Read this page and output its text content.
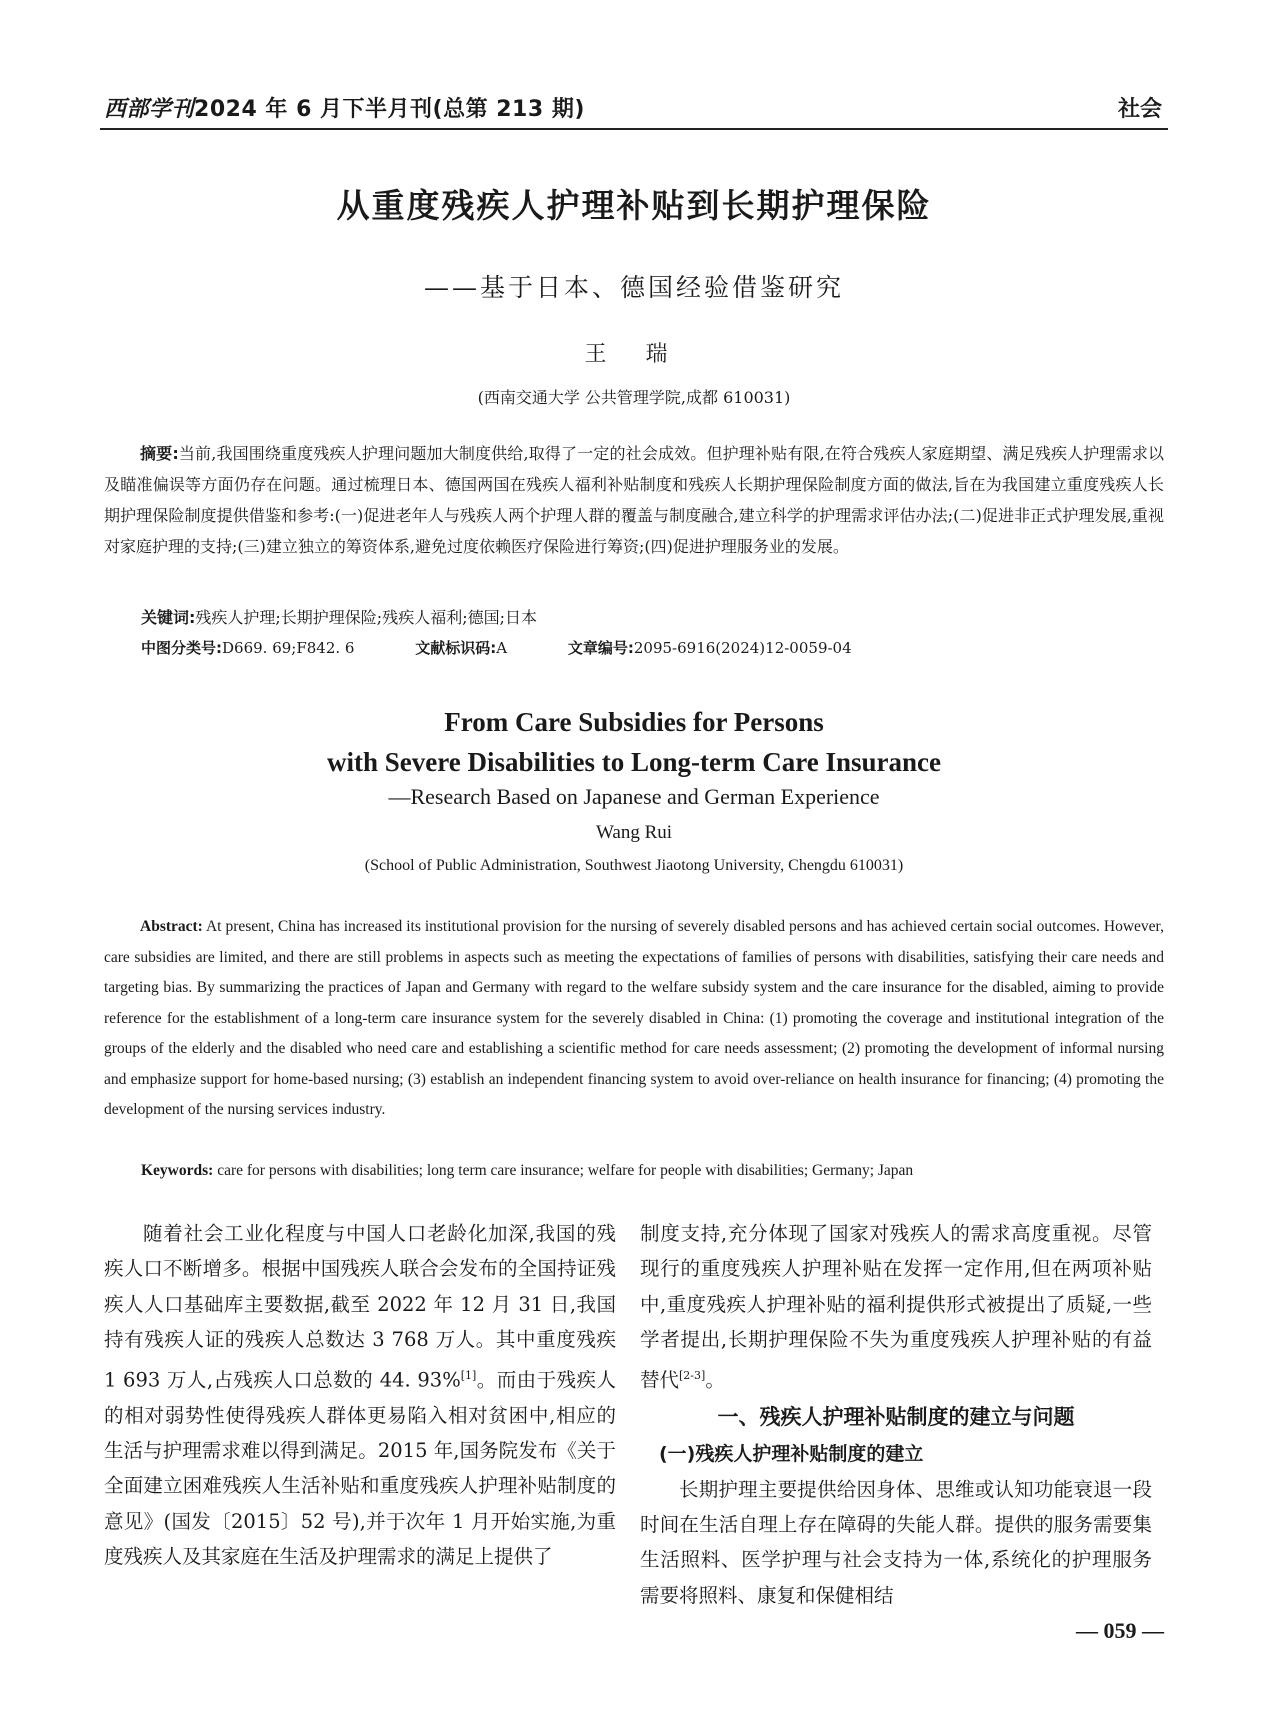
西部学刊2024 年 6 月下半月刊(总第 213 期)	社会
从重度残疾人护理补贴到长期护理保险
——基于日本、德国经验借鉴研究
王 瑞
(西南交通大学 公共管理学院,成都 610031)
摘要:当前,我国围绕重度残疾人护理问题加大制度供给,取得了一定的社会成效。但护理补贴有限,在符合残疾人家庭期望、满足残疾人护理需求以及瞄准偏误等方面仍存在问题。通过梳理日本、德国两国在残疾人福利补贴制度和残疾人长期护理保险制度方面的做法,旨在为我国建立重度残疾人长期护理保险制度提供借鉴和参考:(一)促进老年人与残疾人两个护理人群的覆盖与制度融合,建立科学的护理需求评估办法;(二)促进非正式护理发展,重视对家庭护理的支持;(三)建立独立的筹资体系,避免过度依赖医疗保险进行筹资;(四)促进护理服务业的发展。
关键词:残疾人护理;长期护理保险;残疾人福利;德国;日本
中图分类号:D669. 69;F842. 6	文献标识码:A	文章编号:2095-6916(2024)12-0059-04
From Care Subsidies for Persons
with Severe Disabilities to Long-term Care Insurance
—Research Based on Japanese and German Experience
Wang Rui
(School of Public Administration, Southwest Jiaotong University, Chengdu 610031)
Abstract: At present, China has increased its institutional provision for the nursing of severely disabled persons and has achieved certain social outcomes. However, care subsidies are limited, and there are still problems in aspects such as meeting the expectations of families of persons with disabilities, satisfying their care needs and targeting bias. By summarizing the practices of Japan and Germany with regard to the welfare subsidy system and the care insurance for the disabled, aiming to provide reference for the establishment of a long-term care insurance system for the severely disabled in China: (1) promoting the coverage and institutional integration of the groups of the elderly and the disabled who need care and establishing a scientific method for care needs assessment; (2) promoting the development of informal nursing and emphasize support for home-based nursing; (3) establish an independent financing system to avoid over-reliance on health insurance for financing; (4) promoting the development of the nursing services industry.
Keywords: care for persons with disabilities; long term care insurance; welfare for people with disabilities; Germany; Japan
随着社会工业化程度与中国人口老龄化加深,我国的残疾人口不断增多。根据中国残疾人联合会发布的全国持证残疾人人口基础库主要数据,截至 2022 年 12 月 31 日,我国持有残疾人证的残疾人总数达 3 768 万人。其中重度残疾 1 693 万人,占残疾人口总数的 44. 93%[1]。而由于残疾人的相对弱势性使得残疾人群体更易陷入相对贫困中,相应的生活与护理需求难以得到满足。2015 年,国务院发布《关于全面建立困难残疾人生活补贴和重度残疾人护理补贴制度的意见》(国发〔2015〕52 号),并于次年 1 月开始实施,为重度残疾人及其家庭在生活及护理需求的满足上提供了
制度支持,充分体现了国家对残疾人的需求高度重视。尽管现行的重度残疾人护理补贴在发挥一定作用,但在两项补贴中,重度残疾人护理补贴的福利提供形式被提出了质疑,一些学者提出,长期护理保险不失为重度残疾人护理补贴的有益替代[2-3]。
一、残疾人护理补贴制度的建立与问题
(一)残疾人护理补贴制度的建立
长期护理主要提供给因身体、思维或认知功能衰退一段时间在生活自理上存在障碍的失能人群。提供的服务需要集生活照料、医学护理与社会支持为一体,系统化的护理服务需要将照料、康复和保健相结
— 059 —
